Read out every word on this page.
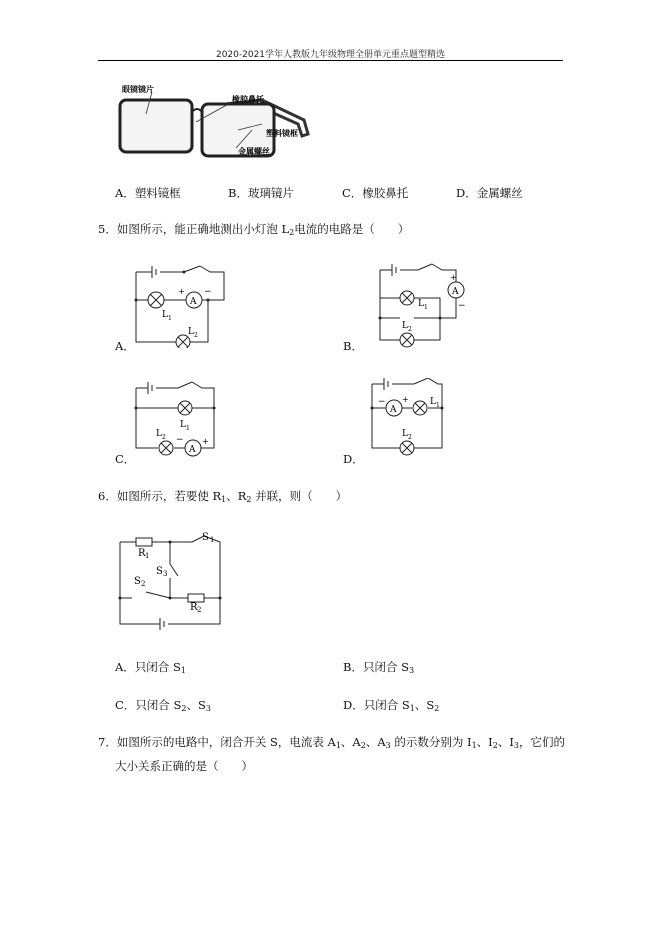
2020-2021学年人教版九年级物理全册单元重点题型精选
眼镜镜片
橡胶鼻托
塑料镜框
金属螺丝
A．塑料镜框	B．玻璃镜片	C．橡胶鼻托	D．金属螺丝
5．如图所示，能正确地测出小灯泡 $L_2$电流的电路是（　　）
A
+ −
L 1
L 2
A．
A
+
−
L 1
L 2
B．
A
+
−
L 1
L 2
C．
A
− + L 1
L 2
D．
6．如图所示，若要使 $R_1$、$R_2$ 并联，则（　　）
S 1
R 1
S 3
S 2
R 2
A．只闭合 $S_1$	B．只闭合 $S_3$
C．只闭合 $S_2$、$S_3$	D．只闭合 $S_1$、$S_2$
7．如图所示的电路中，闭合开关 S，电流表 $A_1$、$A_2$、$A_3$ 的示数分别为 $I_1$、$I_2$、$I_3$，它们的
大小关系正确的是（　　）
